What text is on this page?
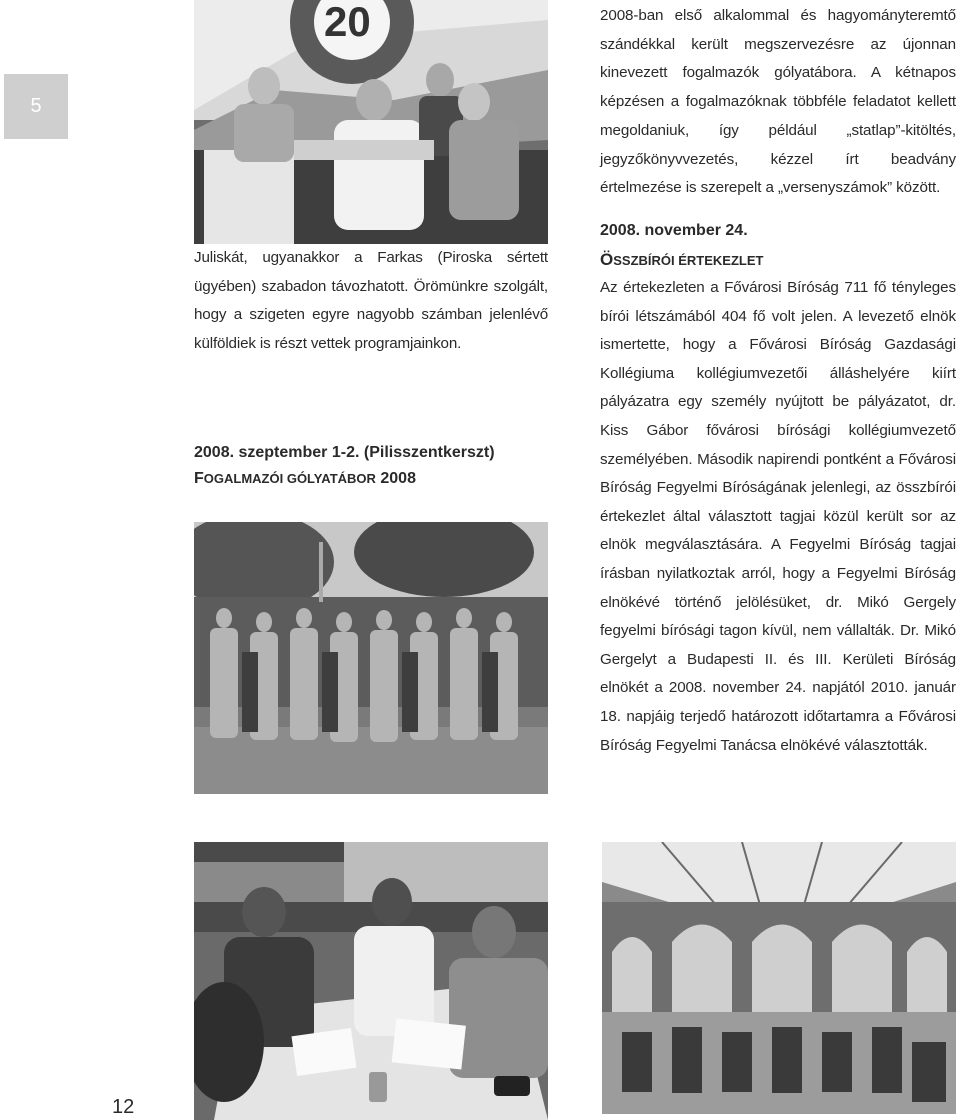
5
20

Juliskát, ugyanakkor a Farkas (Piroska sértett ügyében) szabadon távozhatott. Örömünkre szolgált, hogy a szigeten egyre nagyobb számban jelenlévő külföldiek is részt vettek programjainkon.

2008. szeptember 1-2. (Pilisszentkerszt)
FOGALMAZÓI GÓLYATÁBOR 2008
2008-ban első alkalommal és hagyományteremtő szándékkal került megszervezésre az újonnan kinevezett fogalmazók gólyatábora. A kétnapos képzésen a fogalmazóknak többféle feladatot kellett megoldaniuk, így például „statlap”-kitöltés, jegyzőkönyvvezetés, kézzel írt beadvány értelmezése is szerepelt a „versenyszámok” között.
2008. november 24.
ÖSSZBÍRÓI ÉRTEKEZLET

Az értekezleten a Fővárosi Bíróság 711 fő tényleges bírói létszámából 404 fő volt jelen. A levezető elnök ismertette, hogy a Fővárosi Bíróság Gazdasági Kollégiuma kollégiumvezetői álláshelyére kiírt pályázatra egy személy nyújtott be pályázatot, dr. Kiss Gábor fővárosi bírósági kollégiumvezető személyében. Második napirendi pontként a Fővárosi Bíróság Fegyelmi Bíróságának jelenlegi, az összbírói értekezlet által választott tagjai közül került sor az elnök megválasztására. A Fegyelmi Bíróság tagjai írásban nyilatkoztak arról, hogy a Fegyelmi Bíróság elnökévé történő jelölésüket, dr. Mikó Gergely fegyelmi bírósági tagon kívül, nem vállalták. Dr. Mikó Gergelyt a Budapesti II. és III. Kerületi Bíróság elnökét a 2008. november 24. napjától 2010. január 18. napjáig terjedő határozott időtartamra a Fővárosi Bíróság Fegyelmi Tanácsa elnökévé választották.

12
